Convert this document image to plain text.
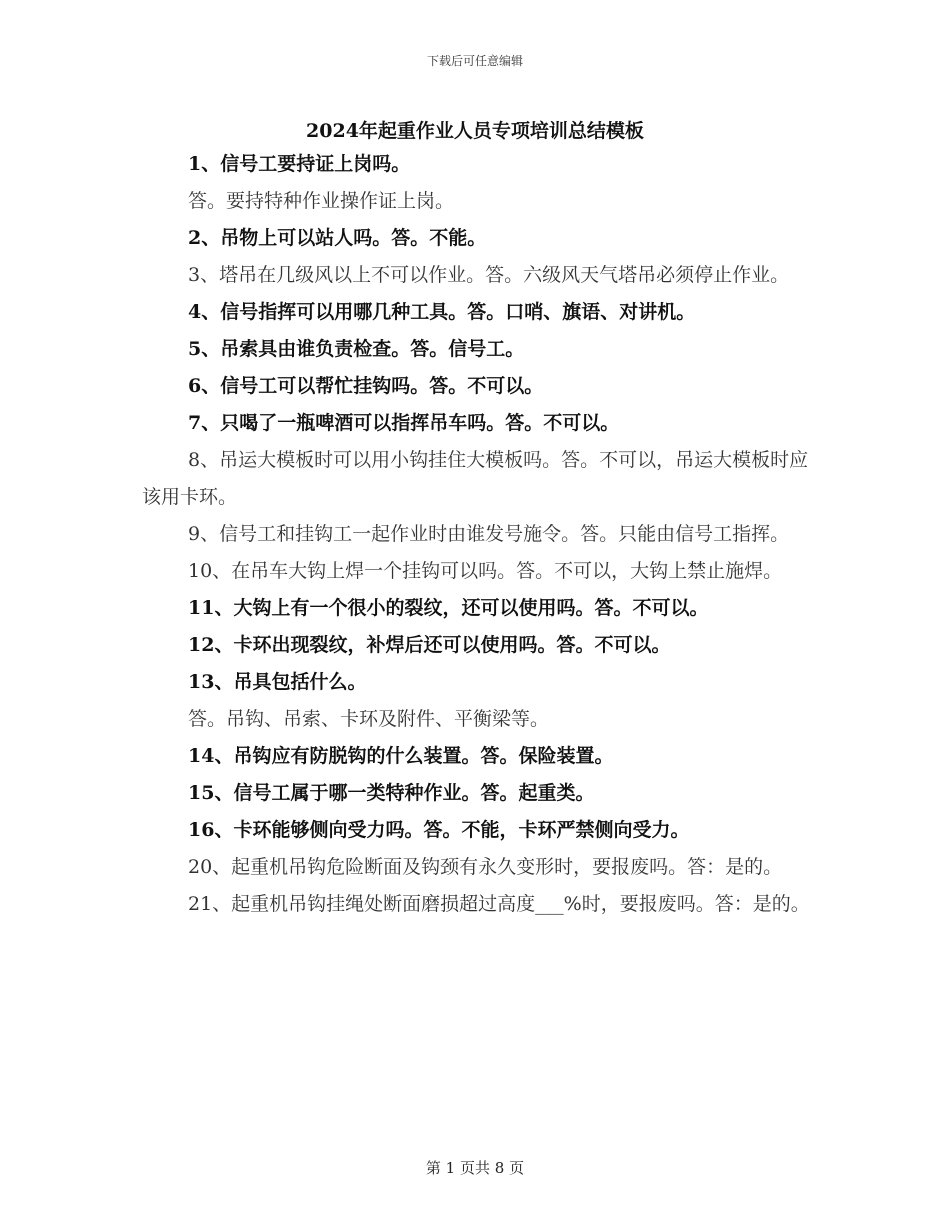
下载后可任意编辑
2024年起重作业人员专项培训总结模板

1、信号工要持证上岗吗。

答。要持特种作业操作证上岗。

2、吊物上可以站人吗。答。不能。

3、塔吊在几级风以上不可以作业。答。六级风天气塔吊必须停止作业。

4、信号指挥可以用哪几种工具。答。口哨、旗语、对讲机。

5、吊索具由谁负责检查。答。信号工。

6、信号工可以帮忙挂钩吗。答。不可以。

7、只喝了一瓶啤酒可以指挥吊车吗。答。不可以。

8、吊运大模板时可以用小钩挂住大模板吗。答。不可以，吊运大模板时应该用卡环。

9、信号工和挂钩工一起作业时由谁发号施令。答。只能由信号工指挥。

10、在吊车大钩上焊一个挂钩可以吗。答。不可以，大钩上禁止施焊。

11、大钩上有一个很小的裂纹，还可以使用吗。答。不可以。

12、卡环出现裂纹，补焊后还可以使用吗。答。不可以。

13、吊具包括什么。

答。吊钩、吊索、卡环及附件、平衡梁等。

14、吊钩应有防脱钩的什么装置。答。保险装置。

15、信号工属于哪一类特种作业。答。起重类。

16、卡环能够侧向受力吗。答。不能，卡环严禁侧向受力。

20、起重机吊钩危险断面及钩颈有永久变形时，要报废吗。答：是的。

21、起重机吊钩挂绳处断面磨损超过高度___%时，要报废吗。答：是的。

第 1 页共 8 页
